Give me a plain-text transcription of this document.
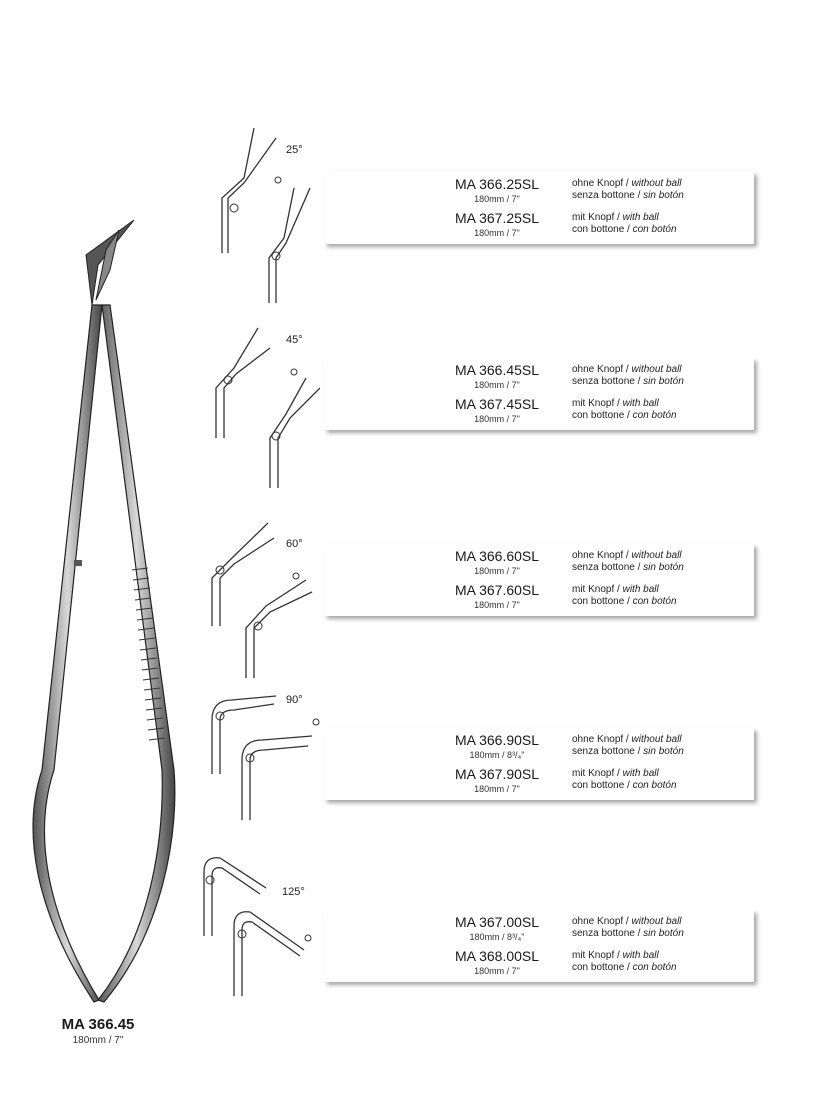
MA 366.45
180mm / 7"
25°
MA 366.25SL
180mm / 7"
MA 367.25SL
180mm / 7"
ohne Knopf / without ball
senza bottone / sin botón
mit Knopf / with ball
con bottone / con botón
45°
MA 366.45SL
180mm / 7"
MA 367.45SL
180mm / 7"
ohne Knopf / without ball
senza bottone / sin botón
mit Knopf / with ball
con bottone / con botón
60°
MA 366.60SL
180mm / 7"
MA 367.60SL
180mm / 7"
ohne Knopf / without ball
senza bottone / sin botón
mit Knopf / with ball
con bottone / con botón
90°
MA 366.90SL
180mm / 8³/₄"
MA 367.90SL
180mm / 7"
ohne Knopf / without ball
senza bottone / sin botón
mit Knopf / with ball
con bottone / con botón
125°
MA 367.00SL
180mm / 8³/₄"
MA 368.00SL
180mm / 7"
ohne Knopf / without ball
senza bottone / sin botón
mit Knopf / with ball
con bottone / con botón
